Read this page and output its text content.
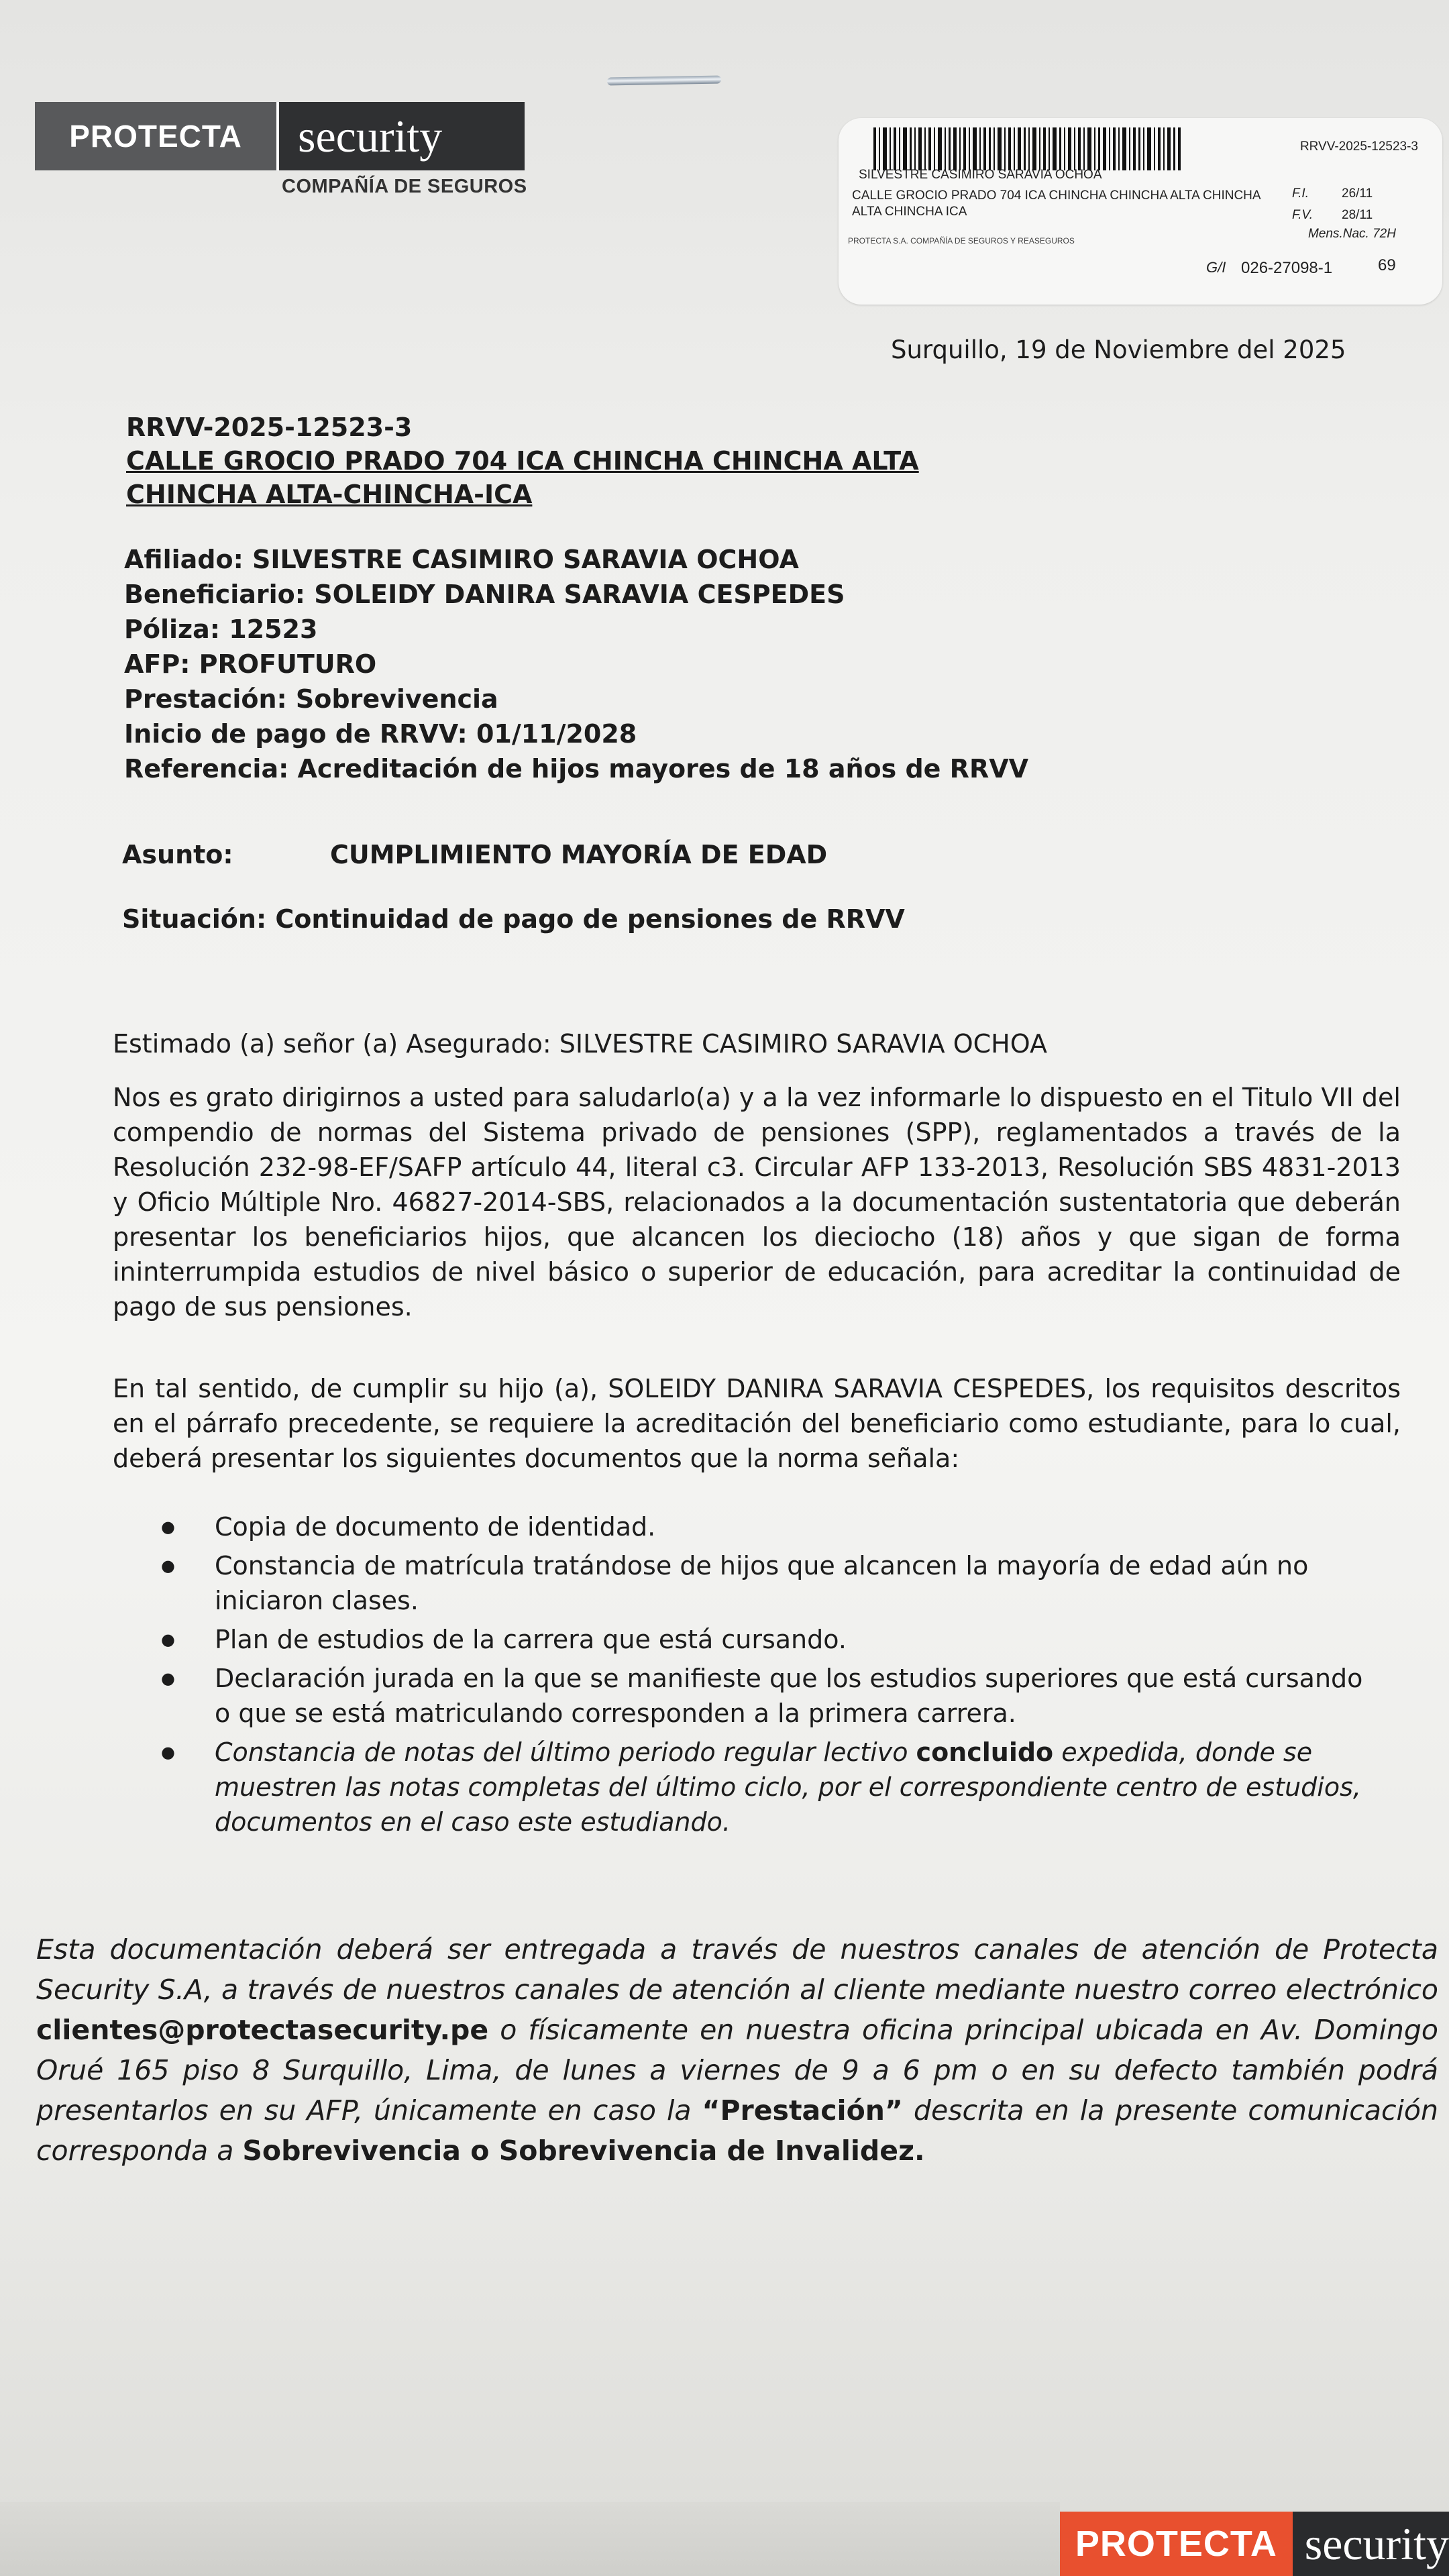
PROTECTA	security
COMPAÑÍA DE SEGUROS
RRVV-2025-12523-3
SILVESTRE CASIMIRO SARAVIA OCHOA
CALLE GROCIO PRADO 704 ICA CHINCHA CHINCHA ALTA CHINCHA ALTA CHINCHA ICA
PROTECTA S.A. COMPAÑÍA DE SEGUROS Y REASEGUROS
F.I.	26/11
F.V. 28/11
Mens.Nac. 72H
G/I 026-27098-1	69
Surquillo, 19 de Noviembre del 2025
RRVV-2025-12523-3
CALLE GROCIO PRADO 704 ICA CHINCHA CHINCHA ALTA
CHINCHA ALTA-CHINCHA-ICA
Afiliado: SILVESTRE CASIMIRO SARAVIA OCHOA
Beneficiario: SOLEIDY DANIRA SARAVIA CESPEDES
Póliza: 12523
AFP: PROFUTURO
Prestación: Sobrevivencia
Inicio de pago de RRVV: 01/11/2028
Referencia: Acreditación de hijos mayores de 18 años de RRVV
Asunto:	CUMPLIMIENTO MAYORÍA DE EDAD
Situación: Continuidad de pago de pensiones de RRVV
Estimado (a) señor (a) Asegurado: SILVESTRE CASIMIRO SARAVIA OCHOA
Nos es grato dirigirnos a usted para saludarlo(a) y a la vez informarle lo dispuesto en el Titulo VII del compendio de normas del Sistema privado de pensiones (SPP), reglamentados a través de la Resolución 232-98-EF/SAFP artículo 44, literal c3. Circular AFP 133-2013, Resolución SBS 4831-2013 y Oficio Múltiple Nro. 46827-2014-SBS, relacionados a la documentación sustentatoria que deberán presentar los beneficiarios hijos, que alcancen los dieciocho (18) años y que sigan de forma ininterrumpida estudios de nivel básico o superior de educación, para acreditar la continuidad de pago de sus pensiones.
En tal sentido, de cumplir su hijo (a), SOLEIDY DANIRA SARAVIA CESPEDES, los requisitos descritos en el párrafo precedente, se requiere la acreditación del beneficiario como estudiante, para lo cual, deberá presentar los siguientes documentos que la norma señala:
● Copia de documento de identidad.
● Constancia de matrícula tratándose de hijos que alcancen la mayoría de edad aún no iniciaron clases.
● Plan de estudios de la carrera que está cursando.
● Declaración jurada en la que se manifieste que los estudios superiores que está cursando o que se está matriculando corresponden a la primera carrera.
● Constancia de notas del último periodo regular lectivo concluido expedida, donde se muestren las notas completas del último ciclo, por el correspondiente centro de estudios, documentos en el caso este estudiando.
Esta documentación deberá ser entregada a través de nuestros canales de atención de Protecta Security S.A, a través de nuestros canales de atención al cliente mediante nuestro correo electrónico clientes@protectasecurity.pe o físicamente en nuestra oficina principal ubicada en Av. Domingo Orué 165 piso 8 Surquillo, Lima, de lunes a viernes de 9 a 6 pm o en su defecto también podrá presentarlos en su AFP, únicamente en caso la “Prestación” descrita en la presente comunicación corresponda a Sobrevivencia o Sobrevivencia de Invalidez.
PROTECTA security
